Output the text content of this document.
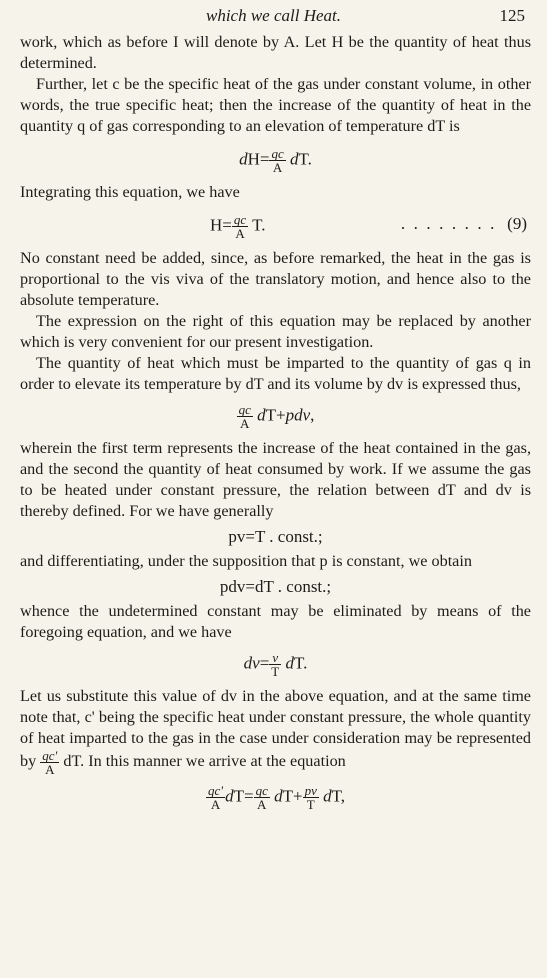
which we call Heat.	125

work, which as before I will denote by A. Let H be the quantity of heat thus determined.

Further, let c be the specific heat of the gas under constant volume, in other words, the true specific heat; then the increase of the quantity of heat in the quantity q of gas corresponding to an elevation of temperature dT is

$dH= \frac{qc}{A}$ dT.

Integrating this equation, we have

$H= \frac{qc}{A} T$.	.  .  .  .  .  .  .  .   (9)

No constant need be added, since, as before remarked, the heat in the gas is proportional to the vis viva of the translatory motion, and hence also to the absolute temperature.

The expression on the right of this equation may be replaced by another which is very convenient for our present investigation.

The quantity of heat which must be imparted to the quantity of gas q in order to elevate its temperature by dT and its volume by dv is expressed thus,

$\frac{qc}{A} dT+pdv$,

wherein the first term represents the increase of the heat contained in the gas, and the second the quantity of heat consumed by work. If we assume the gas to be heated under constant pressure, the relation between dT and dv is thereby defined. For we have generally

pv=T . const.;

and differentiating, under the supposition that p is constant, we obtain

pdv=dT . const.;

whence the undetermined constant may be eliminated by means of the foregoing equation, and we have

$dv= \frac{v}{T}$ dT.

Let us substitute this value of dv in the above equation, and at the same time note that, c' being the specific heat under constant pressure, the whole quantity of heat imparted to the gas in the case under consideration may be represented by $\frac{qc'}{A}$ dT. In this manner we arrive at the equation

$\frac{qc'}{A} dT= \frac{qc}{A} dT+ \frac{pv}{T}$ dT,
